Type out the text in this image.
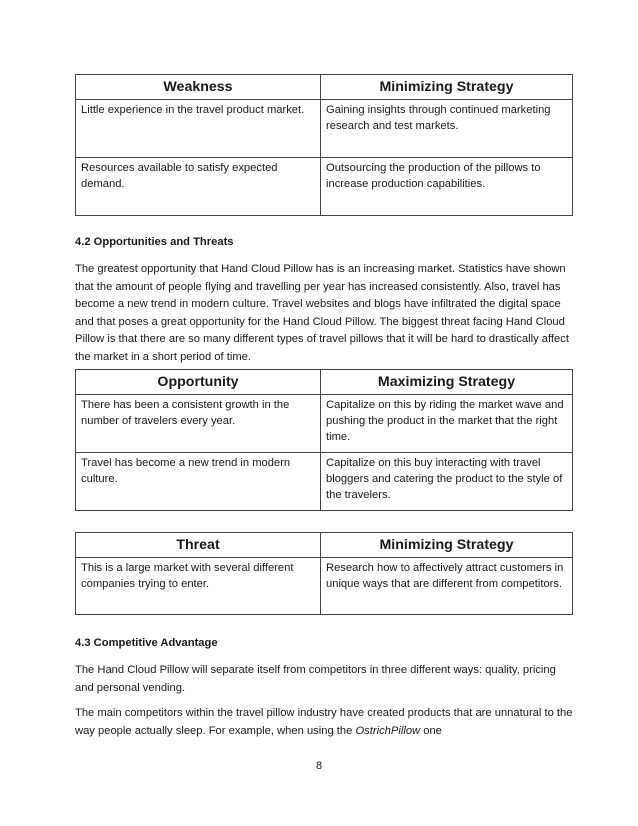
Weakness	Minimizing Strategy
Little experience in the travel product market.	Gaining insights through continued marketing research and test markets.
Resources available to satisfy expected demand.	Outsourcing the production of the pillows to increase production capabilities.
4.2 Opportunities and Threats

The greatest opportunity that Hand Cloud Pillow has is an increasing market. Statistics have shown that the amount of people flying and travelling per year has increased consistently. Also, travel has become a new trend in modern culture. Travel websites and blogs have infiltrated the digital space and that poses a great opportunity for the Hand Cloud Pillow. The biggest threat facing Hand Cloud Pillow is that there are so many different types of travel pillows that it will be hard to drastically affect the market in a short period of time.

Opportunity	Maximizing Strategy
There has been a consistent growth in the number of travelers every year.	Capitalize on this by riding the market wave and pushing the product in the market that the right time.
Travel has become a new trend in modern culture.	Capitalize on this buy interacting with travel bloggers and catering the product to the style of the travelers.
Threat	Minimizing Strategy
This is a large market with several different companies trying to enter.	Research how to affectively attract customers in unique ways that are different from competitors.
4.3 Competitive Advantage

The Hand Cloud Pillow will separate itself from competitors in three different ways: quality, pricing and personal vending.

The main competitors within the travel pillow industry have created products that are unnatural to the way people actually sleep. For example, when using the OstrichPillow one

8
